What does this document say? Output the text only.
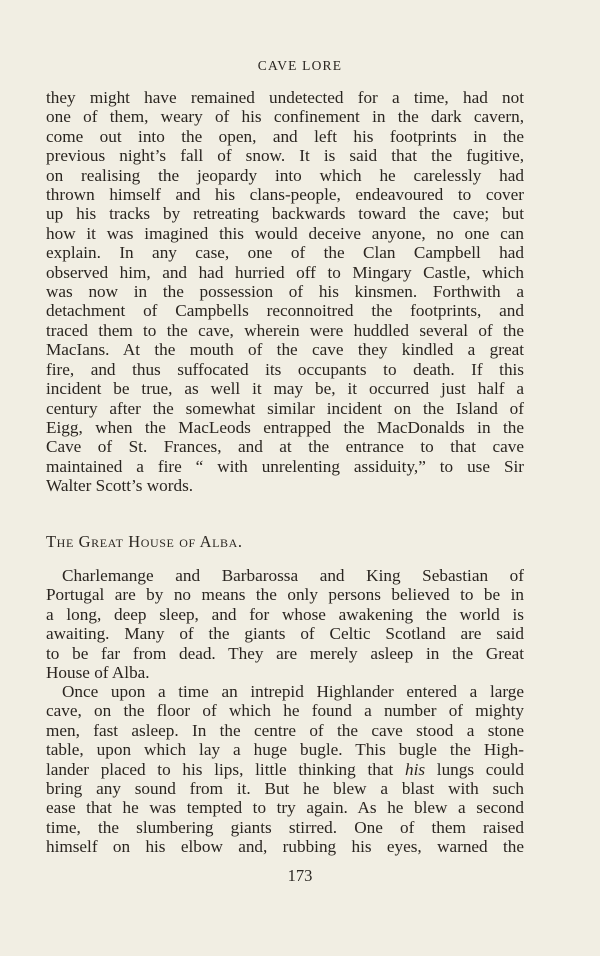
CAVE LORE
they might have remained undetected for a time, had not
one of them, weary of his confinement in the dark cavern,
come out into the open, and left his footprints in the
previous night’s fall of snow. It is said that the fugitive,
on realising the jeopardy into which he carelessly had
thrown himself and his clans-people, endeavoured to cover
up his tracks by retreating backwards toward the cave; but
how it was imagined this would deceive anyone, no one can
explain. In any case, one of the Clan Campbell had
observed him, and had hurried off to Mingary Castle, which
was now in the possession of his kinsmen. Forthwith a
detachment of Campbells reconnoitred the footprints, and
traced them to the cave, wherein were huddled several of the
MacIans. At the mouth of the cave they kindled a great
fire, and thus suffocated its occupants to death. If this
incident be true, as well it may be, it occurred just half a
century after the somewhat similar incident on the Island of
Eigg, when the MacLeods entrapped the MacDonalds in the
Cave of St. Frances, and at the entrance to that cave
maintained a fire “ with unrelenting assiduity,” to use Sir
Walter Scott’s words.
The Great House of Alba.
Charlemange and Barbarossa and King Sebastian of
Portugal are by no means the only persons believed to be in
a long, deep sleep, and for whose awakening the world is
awaiting. Many of the giants of Celtic Scotland are said
to be far from dead. They are merely asleep in the Great
House of Alba.
Once upon a time an intrepid Highlander entered a large
cave, on the floor of which he found a number of mighty
men, fast asleep. In the centre of the cave stood a stone
table, upon which lay a huge bugle. This bugle the High-
lander placed to his lips, little thinking that his lungs could
bring any sound from it. But he blew a blast with such
ease that he was tempted to try again. As he blew a second
time, the slumbering giants stirred. One of them raised
himself on his elbow and, rubbing his eyes, warned the
173
